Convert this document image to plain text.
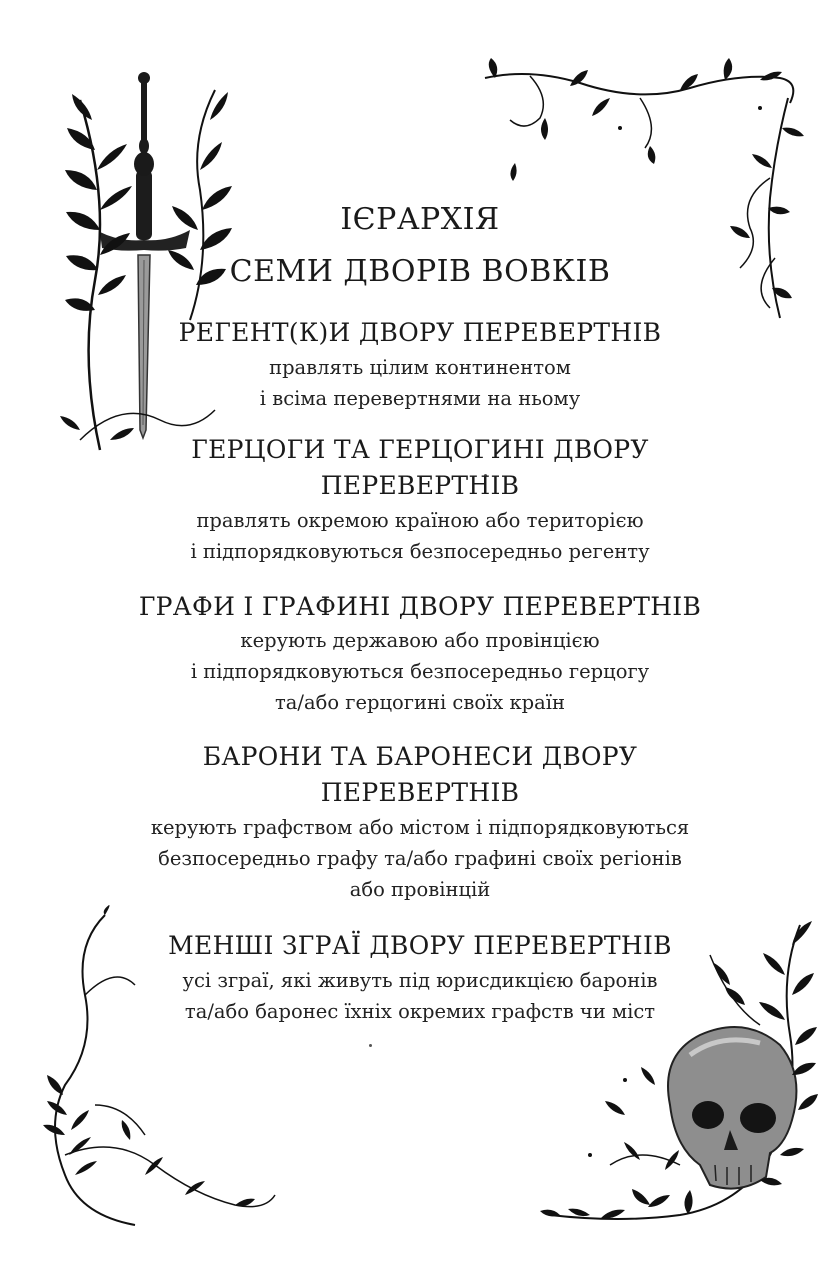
ІЄРАРХІЯ
СЕМИ ДВОРІВ ВОВКІВ
РЕГЕНТ(К)И ДВОРУ ПЕРЕВЕРТНІВ
правлять цілим континентом
і всіма перевертнями на ньому
ГЕРЦОГИ ТА ГЕРЦОГИНІ ДВОРУ
ПЕРЕВЕРТНІВ
правлять окремою країною або територією
і підпорядковуються безпосередньо регенту
ГРАФИ І ГРАФИНІ ДВОРУ ПЕРЕВЕРТНІВ
керують державою або провінцією
і підпорядковуються безпосередньо герцогу
та/або герцогині своїх країн
БАРОНИ ТА БАРОНЕСИ ДВОРУ
ПЕРЕВЕРТНІВ
керують графством або містом і підпорядковуються
безпосередньо графу та/або графині своїх регіонів
або провінцій
МЕНШІ ЗГРАЇ ДВОРУ ПЕРЕВЕРТНІВ
усі зграї, які живуть під юрисдикцією баронів
та/або баронес їхніх окремих графств чи міст
